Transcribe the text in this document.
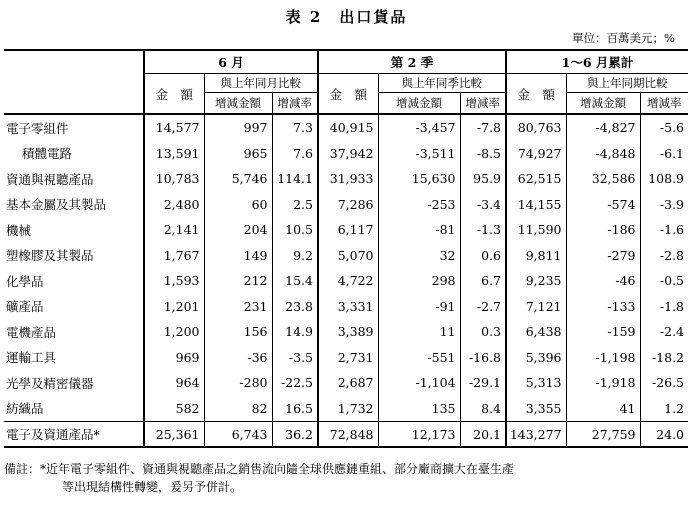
表 2　出口貨品
單位：百萬美元；%
	6 月			第 2 季			1～6 月累計		
	金　額	與上年同月比較		金　額	與上年同季比較		金　額	與上年同期比較	
		增減金額	增減率		增減金額	增減率		增減金額	增減率
電子零組件	14,577	997	7.3	40,915	-3,457	-7.8	80,763	-4,827	-5.6
積體電路	13,591	965	7.6	37,942	-3,511	-8.5	74,927	-4,848	-6.1
資通與視聽產品	10,783	5,746	114.1	31,933	15,630	95.9	62,515	32,586	108.9
基本金屬及其製品	2,480	60	2.5	7,286	-253	-3.4	14,155	-574	-3.9
機械	2,141	204	10.5	6,117	-81	-1.3	11,590	-186	-1.6
塑橡膠及其製品	1,767	149	9.2	5,070	32	0.6	9,811	-279	-2.8
化學品	1,593	212	15.4	4,722	298	6.7	9,235	-46	-0.5
礦產品	1,201	231	23.8	3,331	-91	-2.7	7,121	-133	-1.8
電機產品	1,200	156	14.9	3,389	11	0.3	6,438	-159	-2.4
運輸工具	969	-36	-3.5	2,731	-551	-16.8	5,396	-1,198	-18.2
光學及精密儀器	964	-280	-22.5	2,687	-1,104	-29.1	5,313	-1,918	-26.5
紡織品	582	82	16.5	1,732	135	8.4	3,355	41	1.2
電子及資通產品*	25,361	6,743	36.2	72,848	12,173	20.1	143,277	27,759	24.0
備註：*近年電子零組件、資通與視聽產品之銷售流向隨全球供應鏈重組、部分廠商擴大在臺生產
等出現結構性轉變，爰另予併計。
